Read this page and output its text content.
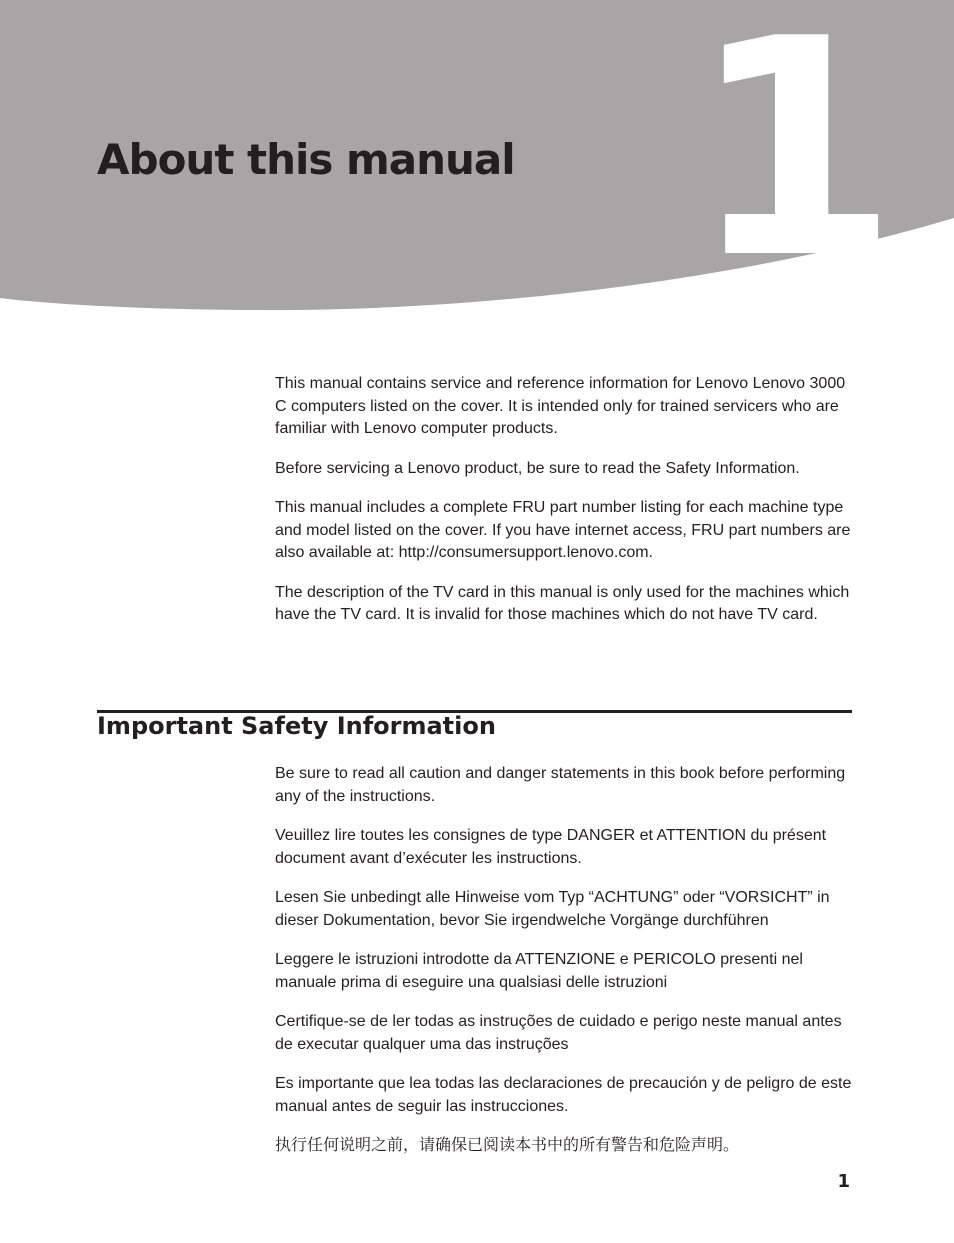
1
About this manual

This manual contains service and reference information for Lenovo Lenovo 3000 C computers listed on the cover. It is intended only for trained servicers who are familiar with Lenovo computer products.

Before servicing a Lenovo product, be sure to read the Safety Information.

This manual includes a complete FRU part number listing for each machine type and model listed on the cover. If you have internet access, FRU part numbers are also available at: http://consumersupport.lenovo.com.

The description of the TV card in this manual is only used for the machines which have the TV card. It is invalid for those machines which do not have TV card.

Important Safety Information

Be sure to read all caution and danger statements in this book before performing any of the instructions.

Veuillez lire toutes les consignes de type DANGER et ATTENTION du présent document avant d’exécuter les instructions.

Lesen Sie unbedingt alle Hinweise vom Typ “ACHTUNG” oder “VORSICHT” in dieser Dokumentation, bevor Sie irgendwelche Vorgänge durchführen

Leggere le istruzioni introdotte da ATTENZIONE e PERICOLO presenti nel manuale prima di eseguire una qualsiasi delle istruzioni

Certifique-se de ler todas as instruções de cuidado e perigo neste manual antes de executar qualquer uma das instruções

Es importante que lea todas las declaraciones de precaución y de peligro de este manual antes de seguir las instrucciones.

执行任何说明之前，请确保已阅读本书中的所有警告和危险声明。

1
